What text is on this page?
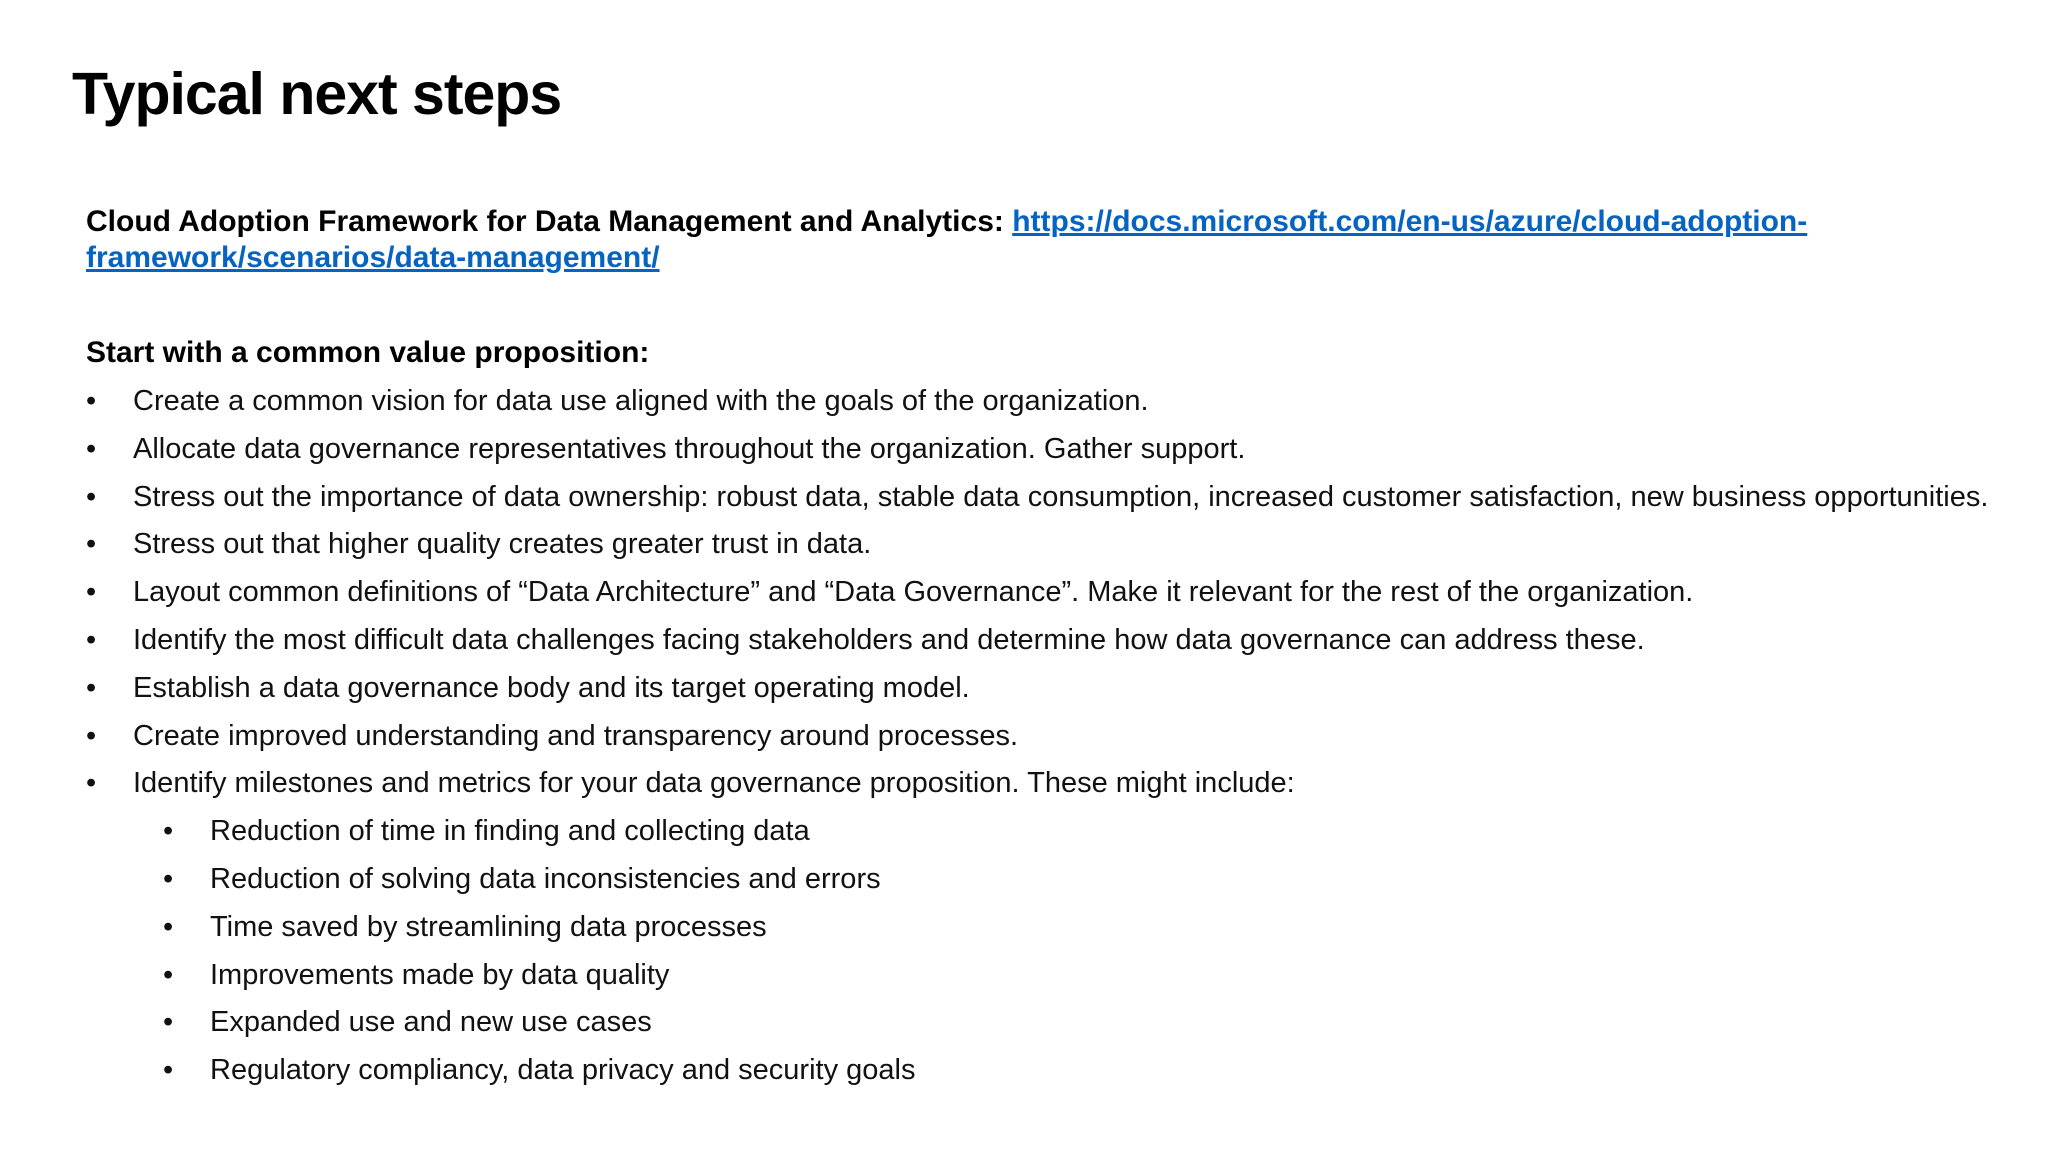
Typical next steps
Cloud Adoption Framework for Data Management and Analytics: https://docs.microsoft.com/en-us/azure/cloud-adoption-framework/scenarios/data-management/
Start with a common value proposition:
•	Create a common vision for data use aligned with the goals of the organization.
•	Allocate data governance representatives throughout the organization. Gather support.
•	Stress out the importance of data ownership: robust data, stable data consumption, increased customer satisfaction, new business opportunities.
•	Stress out that higher quality creates greater trust in data.
•	Layout common definitions of “Data Architecture” and “Data Governance”. Make it relevant for the rest of the organization.
•	Identify the most difficult data challenges facing stakeholders and determine how data governance can address these.
•	Establish a data governance body and its target operating model.
•	Create improved understanding and transparency around processes.
•	Identify milestones and metrics for your data governance proposition. These might include:
•	Reduction of time in finding and collecting data
•	Reduction of solving data inconsistencies and errors
•	Time saved by streamlining data processes
•	Improvements made by data quality
•	Expanded use and new use cases
•	Regulatory compliancy, data privacy and security goals
